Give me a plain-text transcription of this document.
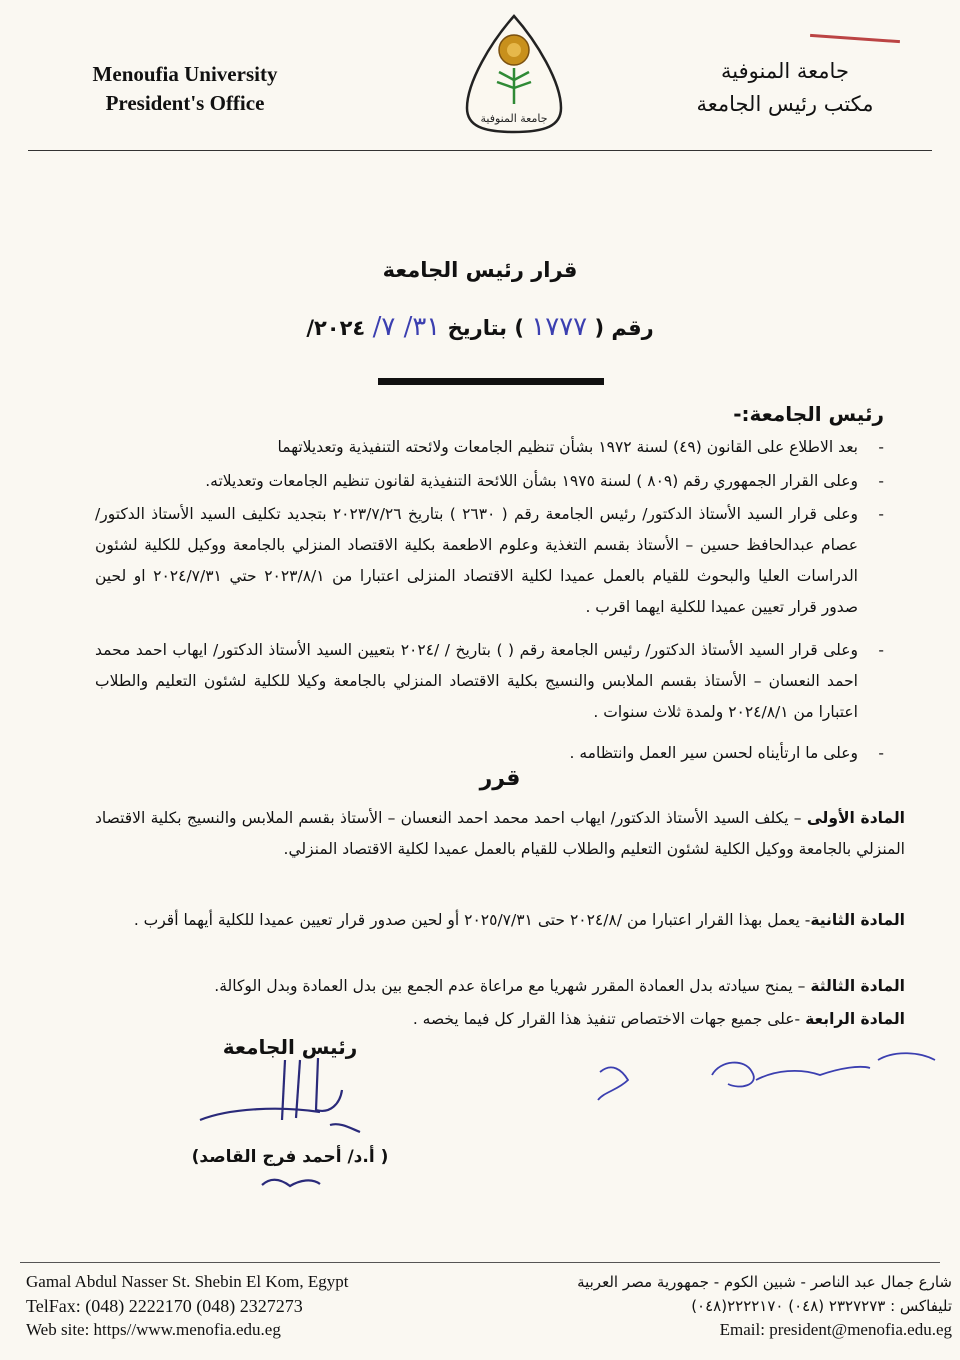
Menoufia University
President's Office
جامعة المنوفية
مكتب رئيس الجامعة
جامعة المنوفية
قرار رئيس الجامعة
رقم ( ١٧٧٧ ) بتاريخ ٣١/ ٧/ ٢٠٢٤/
رئيس الجامعة:-
-
بعد الاطلاع على القانون (٤٩) لسنة ١٩٧٢ بشأن تنظيم الجامعات ولائحته التنفيذية وتعديلاتهما
-
وعلى القرار الجمهوري رقم (٨٠٩ ) لسنة ١٩٧٥ بشأن اللائحة التنفيذية لقانون تنظيم الجامعات وتعديلاته.
-
وعلى قرار السيد الأستاذ الدكتور/ رئيس الجامعة رقم ( ٢٦٣٠ ) بتاريخ ٢٠٢٣/٧/٢٦ بتجديد تكليف السيد الأستاذ الدكتور/ عصام عبدالحافظ حسين – الأستاذ بقسم التغذية وعلوم الاطعمة بكلية الاقتصاد المنزلي بالجامعة ووكيل للكلية لشئون الدراسات العليا والبحوث للقيام بالعمل عميدا لكلية الاقتصاد المنزلى اعتبارا من ٢٠٢٣/٨/١ حتي ٢٠٢٤/٧/٣١ او لحين صدور قرار تعيين عميدا للكلية ايهما اقرب .
-
وعلى قرار السيد الأستاذ الدكتور/ رئيس الجامعة رقم ( ) بتاريخ / /٢٠٢٤ بتعيين السيد الأستاذ الدكتور/ ايهاب احمد محمد احمد النعسان – الأستاذ بقسم الملابس والنسيج بكلية الاقتصاد المنزلي بالجامعة وكيلا للكلية لشئون التعليم والطلاب اعتبارا من ٢٠٢٤/٨/١ ولمدة ثلاث سنوات .
-
وعلى ما ارتأيناه لحسن سير العمل وانتظامه .
قرر
المادة الأولى – يكلف السيد الأستاذ الدكتور/ ايهاب احمد محمد احمد النعسان – الأستاذ بقسم الملابس والنسيج بكلية الاقتصاد المنزلي بالجامعة ووكيل الكلية لشئون التعليم والطلاب للقيام بالعمل عميدا لكلية الاقتصاد المنزلي.
المادة الثانية- يعمل بهذا القرار اعتبارا من /٢٠٢٤/٨ حتى ٢٠٢٥/٧/٣١ أو لحين صدور قرار تعيين عميدا للكلية أيهما أقرب .
المادة الثالثة – يمنح سيادته بدل العمادة المقرر شهريا مع مراعاة عدم الجمع بين بدل العمادة وبدل الوكالة.
المادة الرابعة -على جميع جهات الاختصاص تنفيذ هذا القرار كل فيما يخصه .
رئيس الجامعة
( أ.د/ أحمد فرج القاصد)
Gamal Abdul Nasser St. Shebin El Kom, Egypt
TelFax: (048) 2222170 (048) 2327273
Web site: https//www.menofia.edu.eg
شارع جمال عبد الناصر - شبين الكوم - جمهورية مصر العربية
تليفاكس : ٢٣٢٧٢٧٣ (٠٤٨) ٢٢٢٢١٧٠(٠٤٨)
Email: president@menofia.edu.eg
